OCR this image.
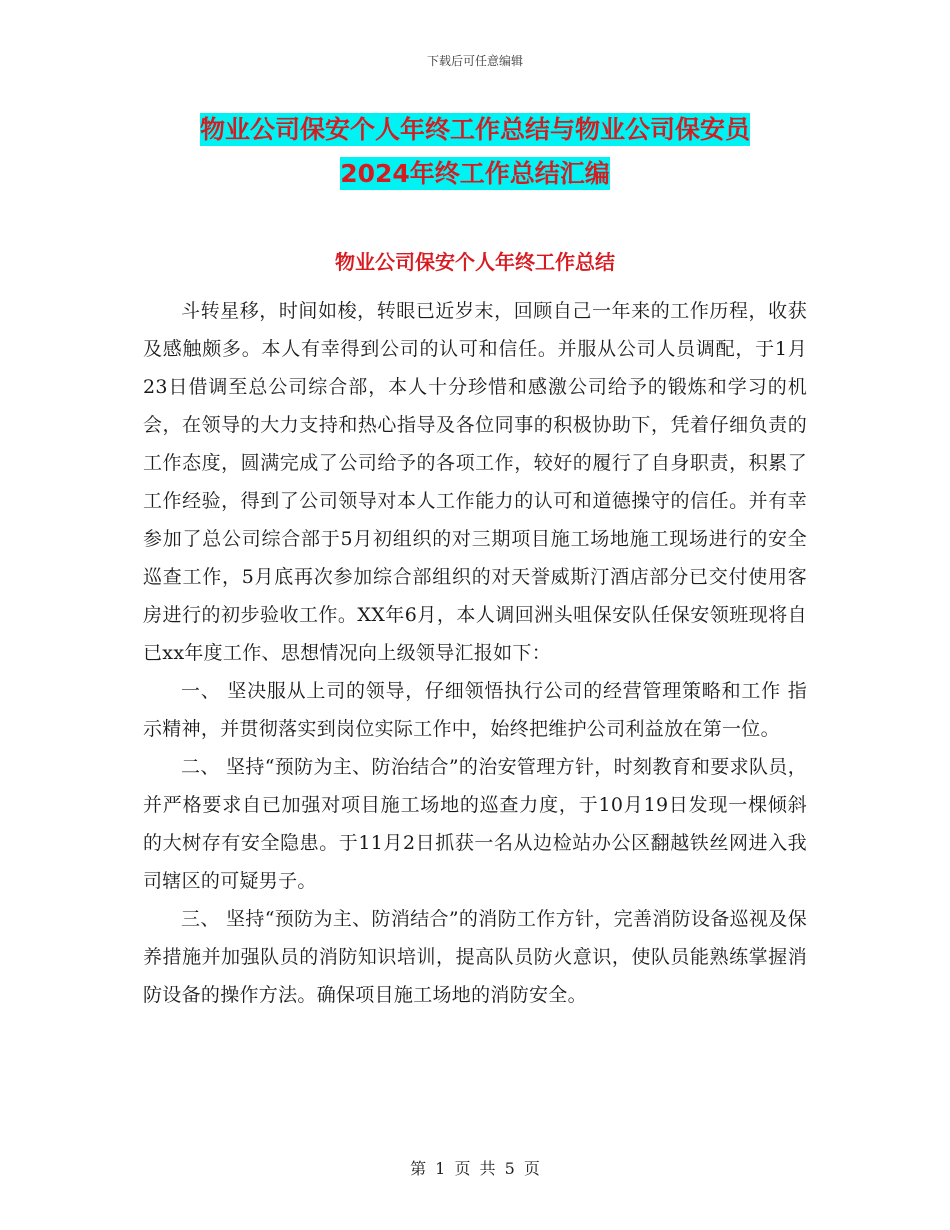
下载后可任意编辑
物业公司保安个人年终工作总结与物业公司保安员
2024年终工作总结汇编
物业公司保安个人年终工作总结

斗转星移，时间如梭，转眼已近岁末，回顾自己一年来的工作历程，收获及感触颇多。本人有幸得到公司的认可和信任。并服从公司人员调配，于1月23日借调至总公司综合部，本人十分珍惜和感激公司给予的锻炼和学习的机会，在领导的大力支持和热心指导及各位同事的积极协助下，凭着仔细负责的工作态度，圆满完成了公司给予的各项工作，较好的履行了自身职责，积累了工作经验，得到了公司领导对本人工作能力的认可和道德操守的信任。并有幸参加了总公司综合部于5月初组织的对三期项目施工场地施工现场进行的安全巡查工作，5月底再次参加综合部组织的对天誉威斯汀酒店部分已交付使用客房进行的初步验收工作。XX年6月，本人调回洲头咀保安队任保安领班现将自已xx年度工作、思想情况向上级领导汇报如下：

一、 坚决服从上司的领导，仔细领悟执行公司的经营管理策略和工作 指示精神，并贯彻落实到岗位实际工作中，始终把维护公司利益放在第一位。

二、 坚持“预防为主、防治结合”的治安管理方针，时刻教育和要求队员，并严格要求自已加强对项目施工场地的巡查力度，于10月19日发现一棵倾斜的大树存有安全隐患。于11月2日抓获一名从边检站办公区翻越铁丝网进入我司辖区的可疑男子。

三、 坚持“预防为主、防消结合”的消防工作方针，完善消防设备巡视及保养措施并加强队员的消防知识培训，提高队员防火意识，使队员能熟练掌握消防设备的操作方法。确保项目施工场地的消防安全。

第 1 页 共 5 页
